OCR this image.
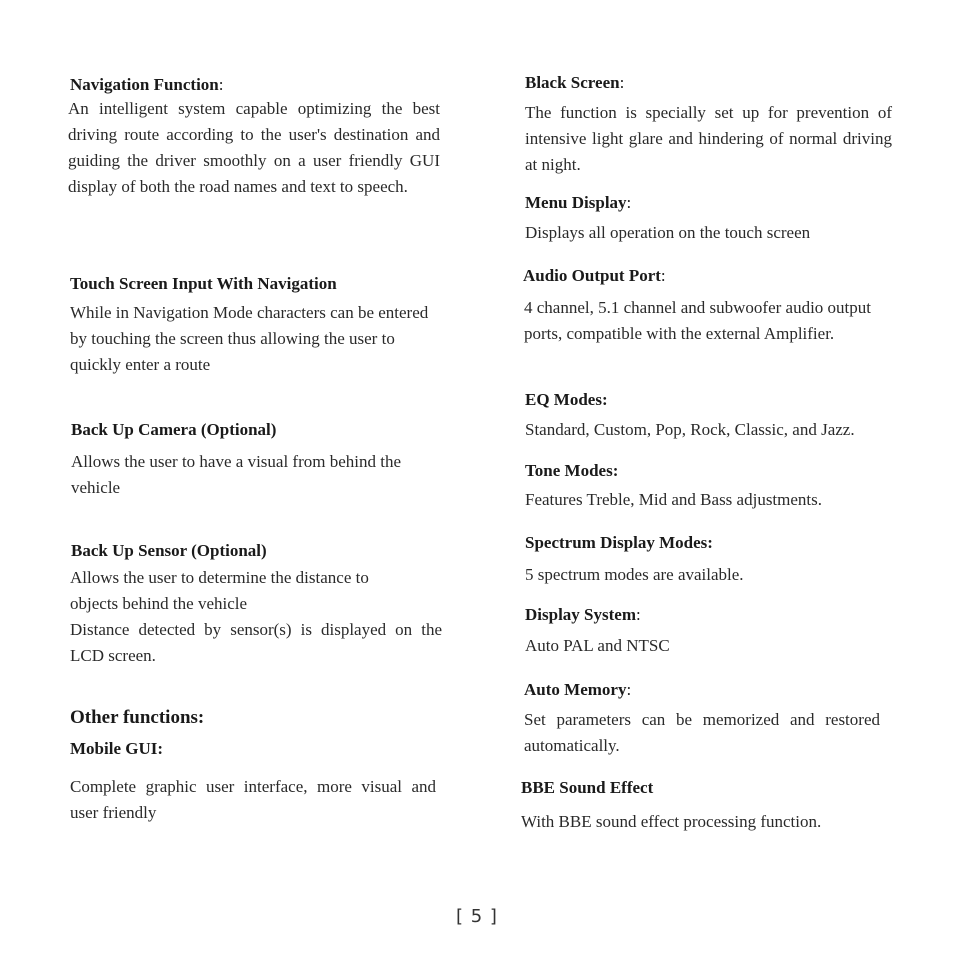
Navigation Function:
An intelligent system capable optimizing the best driving route according to the user's destination and guiding the driver smoothly on a user friendly GUI display of both the road names and text to speech.
Touch Screen Input With Navigation
While in Navigation Mode characters can be entered by touching the screen thus allowing the user to quickly enter a route
Back Up Camera (Optional)
Allows the user to have a visual from behind the vehicle
Back Up Sensor (Optional)
Allows the user to determine the distance to objects behind the vehicle
Distance detected by sensor(s) is displayed on the LCD screen.
Other functions:
Mobile GUI:
Complete graphic user interface, more visual and user friendly
Black Screen:
The function is specially set up for prevention of intensive light glare and hindering of normal driving at night.
Menu Display:
Displays all operation on the touch screen
Audio Output Port:
4 channel, 5.1 channel and subwoofer audio output ports, compatible with the external Amplifier.
EQ Modes:
Standard, Custom, Pop, Rock, Classic, and Jazz.
Tone Modes:
Features Treble, Mid and Bass adjustments.
Spectrum Display Modes:
5 spectrum modes are available.
Display System:
Auto PAL and NTSC
Auto Memory:
Set parameters can be memorized and restored automatically.
BBE Sound Effect
With BBE sound effect processing function.
[ 5 ]
